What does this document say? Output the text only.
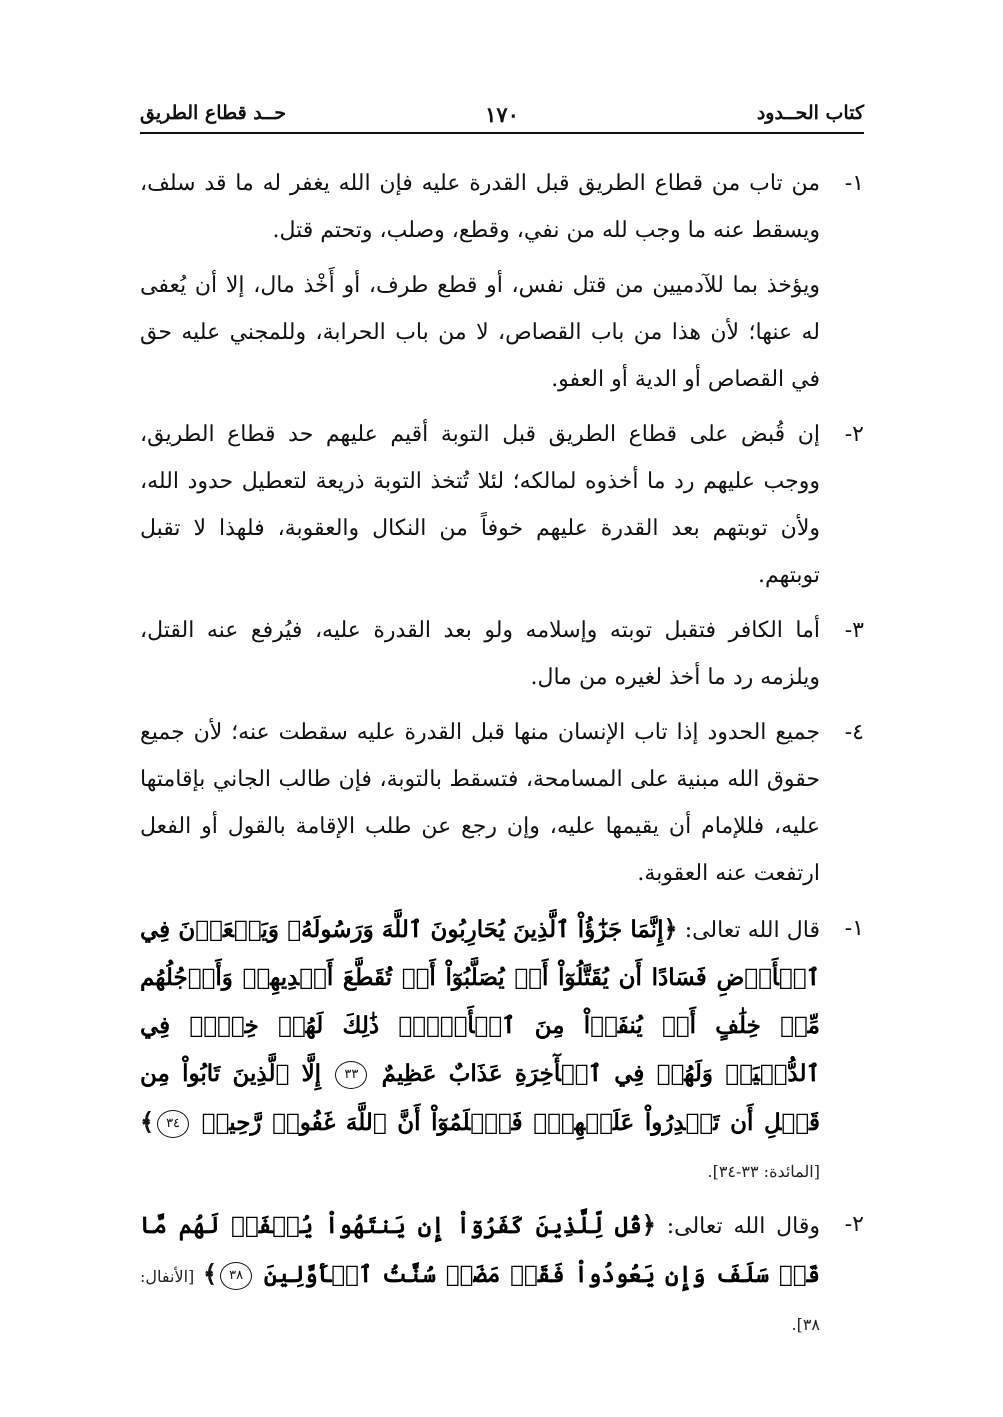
كتاب الحــدود
١٧٠
حــد قطاع الطريق
١-
من تاب من قطاع الطريق قبل القدرة عليه فإن الله يغفر له ما قد سلف، ويسقط عنه ما وجب لله من نفي، وقطع، وصلب، وتحتم قتل.
ويؤخذ بما للآدميين من قتل نفس، أو قطع طرف، أو أَخْذ مال، إلا أن يُعفى له عنها؛ لأن هذا من باب القصاص، لا من باب الحرابة، وللمجني عليه حق في القصاص أو الدية أو العفو.
٢-
إن قُبض على قطاع الطريق قبل التوبة أقيم عليهم حد قطاع الطريق، ووجب عليهم رد ما أخذوه لمالكه؛ لئلا تُتخذ التوبة ذريعة لتعطيل حدود الله، ولأن توبتهم بعد القدرة عليهم خوفاً من النكال والعقوبة، فلهذا لا تقبل توبتهم.
٣-
أما الكافر فتقبل توبته وإسلامه ولو بعد القدرة عليه، فيُرفع عنه القتل، ويلزمه رد ما أخذ لغيره من مال.
٤-
جميع الحدود إذا تاب الإنسان منها قبل القدرة عليه سقطت عنه؛ لأن جميع حقوق الله مبنية على المسامحة، فتسقط بالتوبة، فإن طالب الجاني بإقامتها عليه، فللإمام أن يقيمها عليه، وإن رجع عن طلب الإقامة بالقول أو الفعل ارتفعت عنه العقوبة.
١-
قال الله تعالى: ﴿إِنَّمَا جَزَٰٓؤُاْ ٱلَّذِينَ يُحَارِبُونَ ٱللَّهَ وَرَسُولَهُۥ وَيَسۡعَوۡنَ فِي ٱلۡأَرۡضِ فَسَادًا أَن يُقَتَّلُوٓاْ أَوۡ يُصَلَّبُوٓاْ أَوۡ تُقَطَّعَ أَيۡدِيهِمۡ وَأَرۡجُلُهُم مِّنۡ خِلَٰفٍ أَوۡ يُنفَوۡاْ مِنَ ٱلۡأَرۡضِۚ ذَٰلِكَ لَهُمۡ خِزۡيٞ فِي ٱلدُّنۡيَاۖ وَلَهُمۡ فِي ٱلۡأٓخِرَةِ عَذَابٌ عَظِيمٌ ٣٣ إِلَّا ٱلَّذِينَ تَابُواْ مِن قَبۡلِ أَن تَقۡدِرُواْ عَلَيۡهِمۡۖ فَٱعۡلَمُوٓاْ أَنَّ ٱللَّهَ غَفُورٞ رَّحِيمٞ ٣٤﴾ [المائدة: ٣٣-٣٤].
٢-
وقال الله تعالى: ﴿قُل لِّلَّذِينَ كَفَرُوٓاْ إِن يَنتَهُواْ يُغۡفَرۡ لَهُم مَّا قَدۡ سَلَفَ وَإِن يَعُودُواْ فَقَدۡ مَضَتۡ سُنَّتُ ٱلۡأَوَّلِينَ ٣٨﴾ [الأنفال: ٣٨].
